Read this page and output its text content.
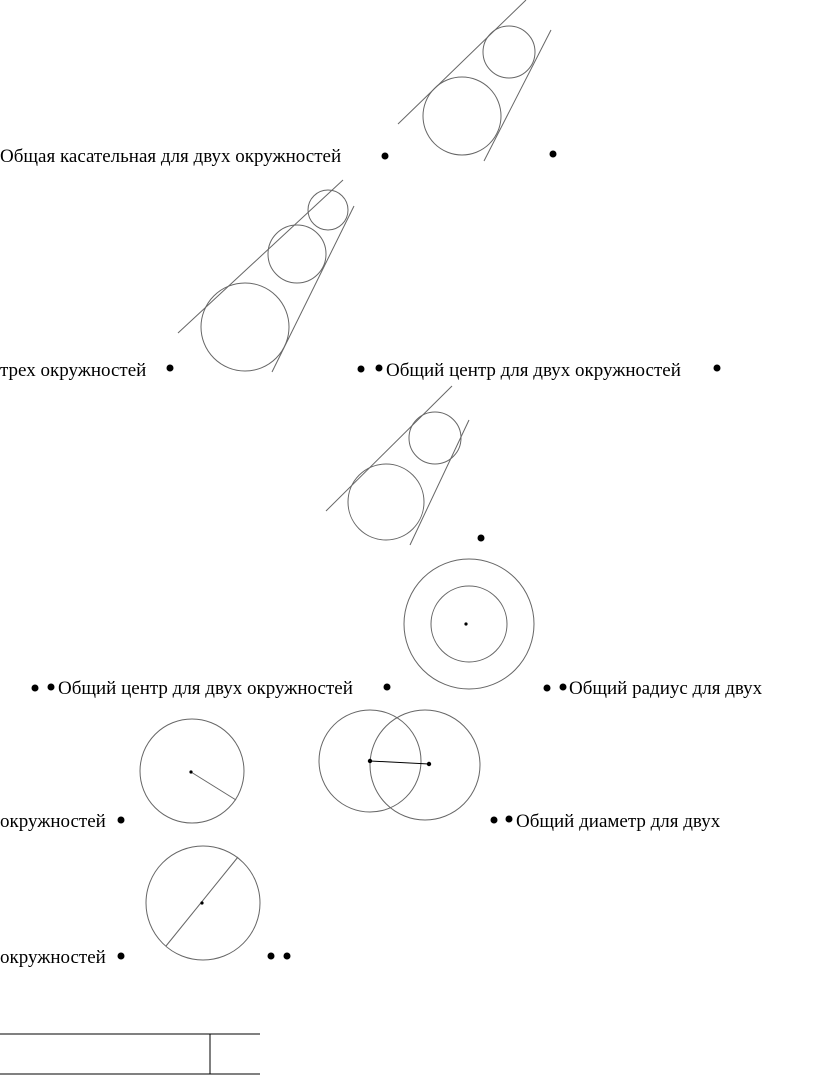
Общая касательная для двух окружностей
трех окружностей	Общий центр для двух окружностей
Общий центр для двух окружностей	Общий радиус для двух
окружностей	Общий диаметр для двух
окружностей
